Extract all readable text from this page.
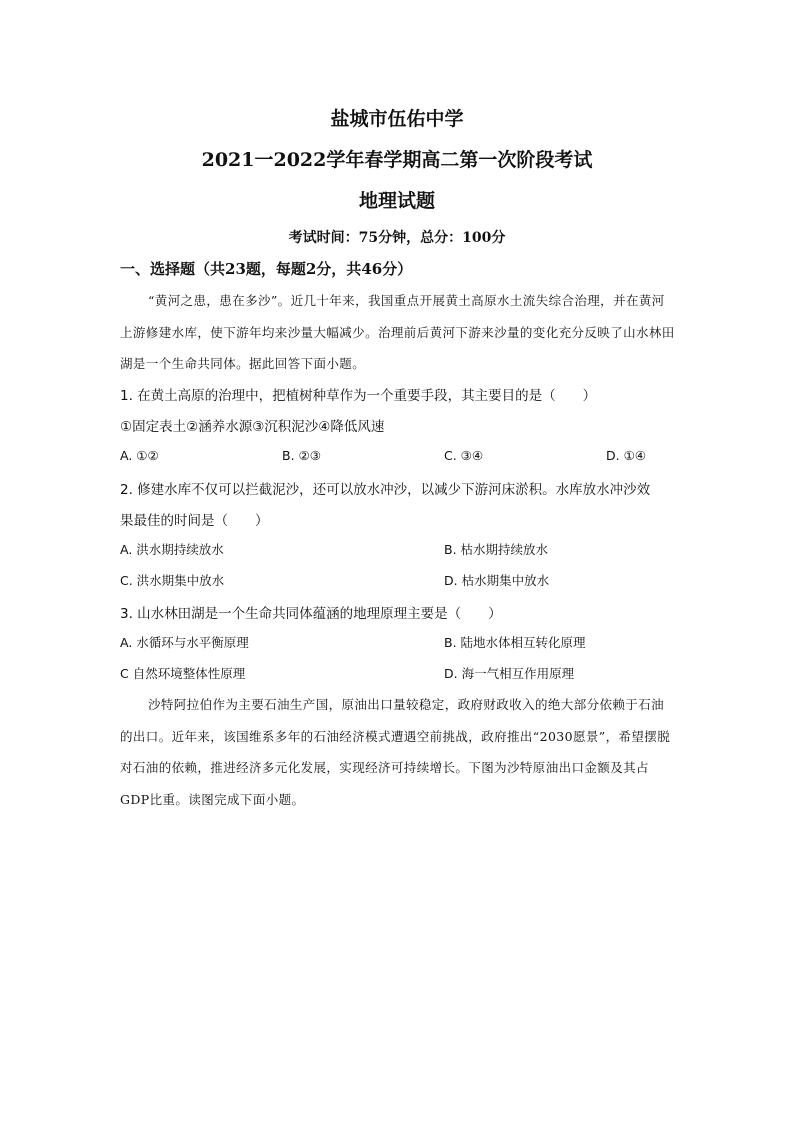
盐城市伍佑中学
2021一2022学年春学期高二第一次阶段考试
地理试题
考试时间：75分钟，总分：100分
一、选择题（共23题，每题2分，共46分）
“黄河之患，患在多沙”。近几十年来，我国重点开展黄土高原水土流失综合治理，并在黄河上游修建水库，使下游年均来沙量大幅减少。治理前后黄河下游来沙量的变化充分反映了山水林田湖是一个生命共同体。据此回答下面小题。
1. 在黄土高原的治理中，把植树种草作为一个重要手段，其主要目的是（　　）
①固定表土②涵养水源③沉积泥沙④降低风速
A. ①②	B. ②③	C. ③④	D. ①④
2. 修建水库不仅可以拦截泥沙，还可以放水冲沙，以减少下游河床淤积。水库放水冲沙效
果最佳的时间是（　　）
A. 洪水期持续放水	B. 枯水期持续放水
C. 洪水期集中放水	D. 枯水期集中放水
3. 山水林田湖是一个生命共同体蕴涵的地理原理主要是（　　）
A. 水循环与水平衡原理	B. 陆地水体相互转化原理
C 自然环境整体性原理	D. 海一气相互作用原理
沙特阿拉伯作为主要石油生产国，原油出口量较稳定，政府财政收入的绝大部分依赖于石油的出口。近年来，该国维系多年的石油经济模式遭遇空前挑战，政府推出“2030愿景”，希望摆脱对石油的依赖，推进经济多元化发展，实现经济可持续增长。下图为沙特原油出口金额及其占GDP比重。读图完成下面小题。
